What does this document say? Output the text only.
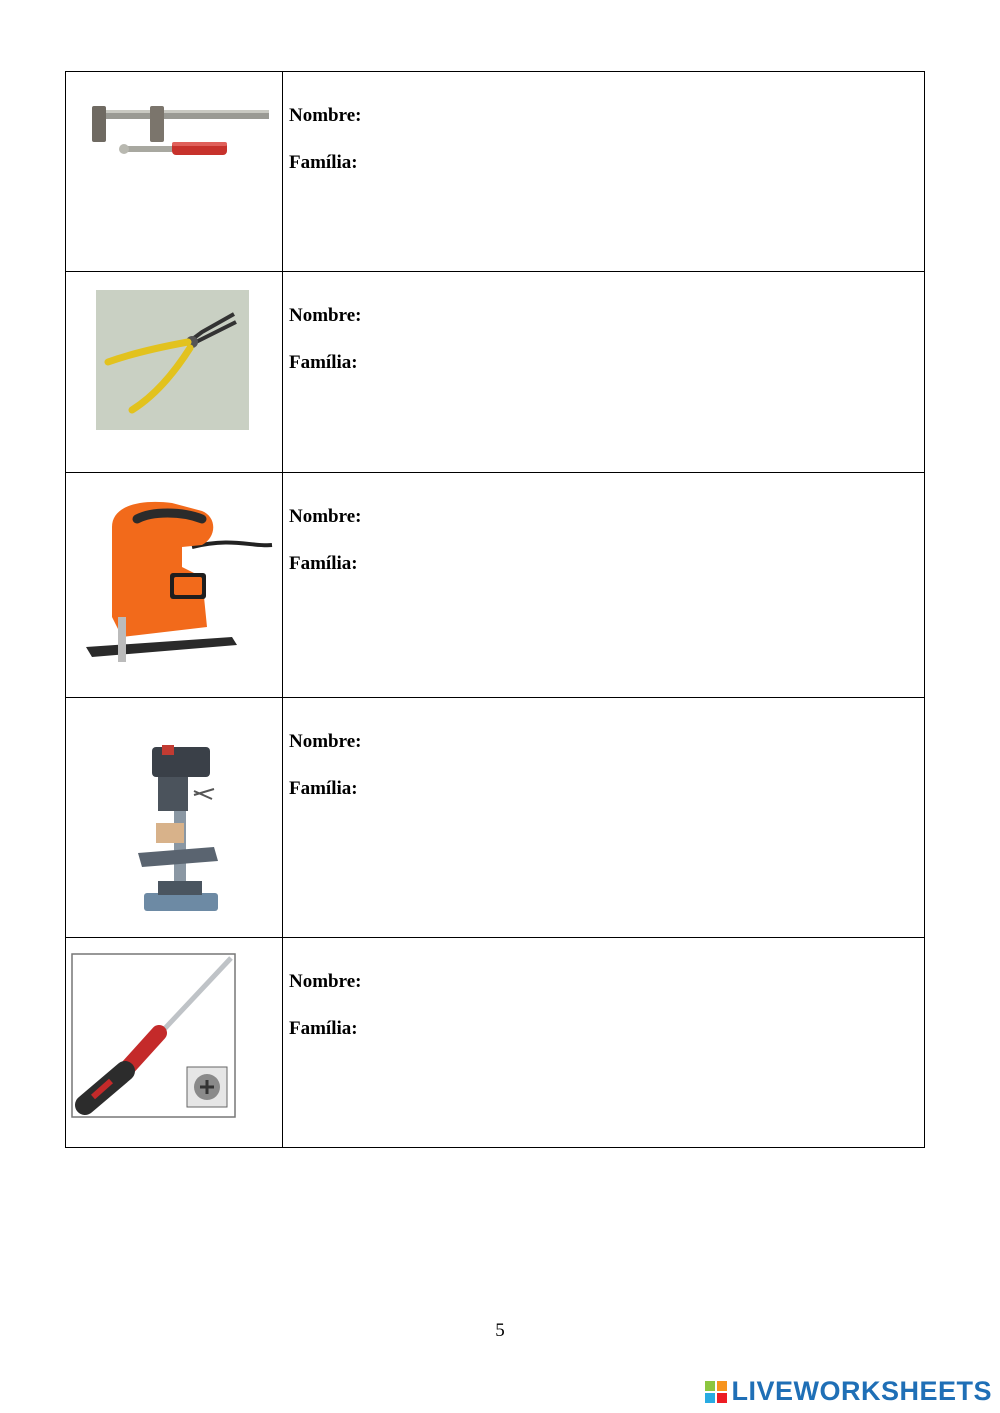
Nombre:
Família:

Nombre:
Família:

Nombre:
Família:

Nombre:
Família:

Nombre:
Família:
5
LIVEWORKSHEETS
